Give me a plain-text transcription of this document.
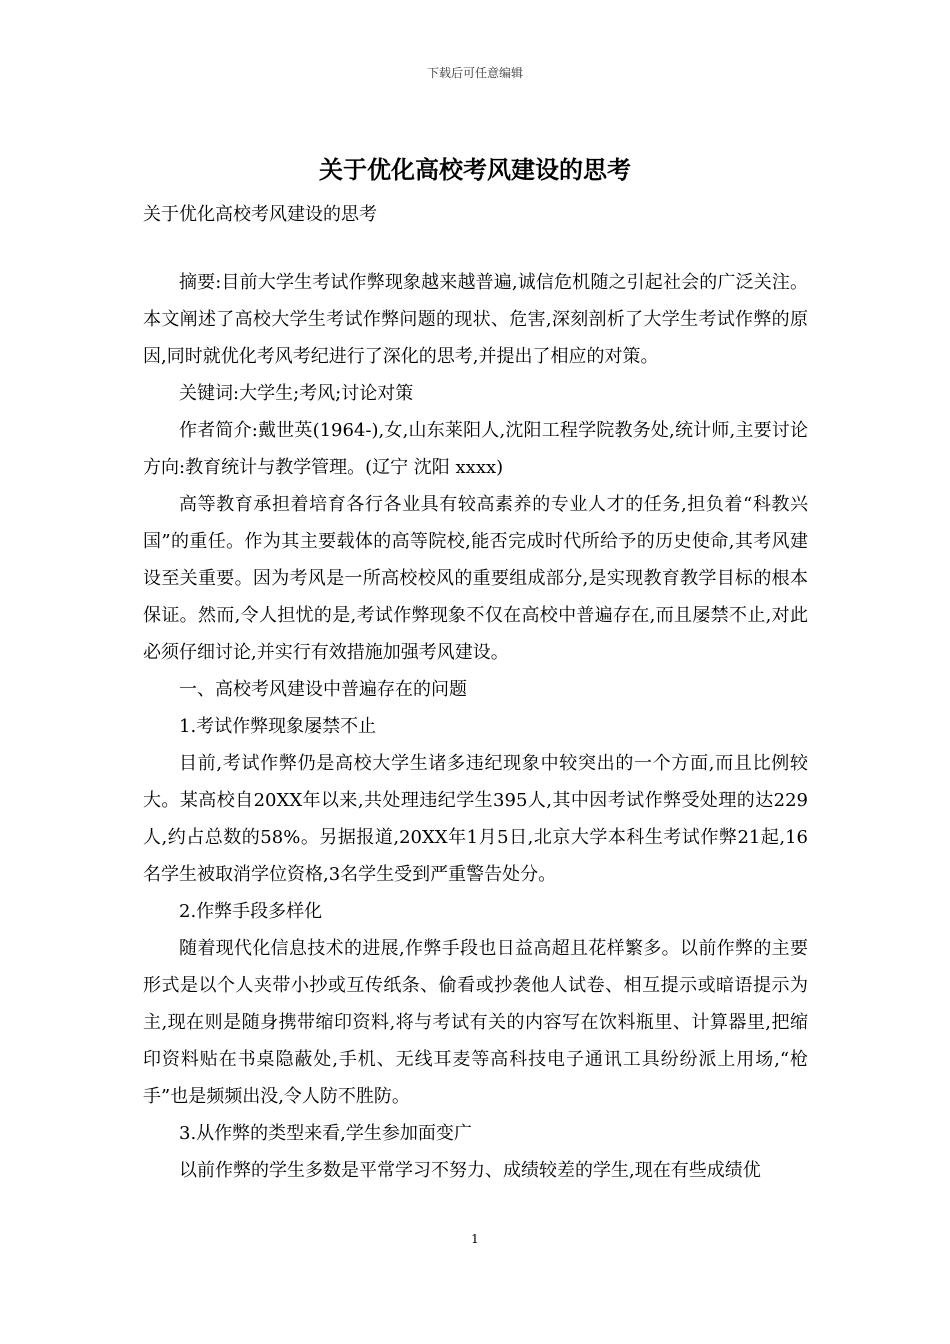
下载后可任意编辑
关于优化高校考风建设的思考
关于优化高校考风建设的思考

摘要:目前大学生考试作弊现象越来越普遍,诚信危机随之引起社会的广泛关注。本文阐述了高校大学生考试作弊问题的现状、危害,深刻剖析了大学生考试作弊的原因,同时就优化考风考纪进行了深化的思考,并提出了相应的对策。

关键词:大学生;考风;讨论对策

作者简介:戴世英(1964-),女,山东莱阳人,沈阳工程学院教务处,统计师,主要讨论方向:教育统计与教学管理。(辽宁 沈阳 xxxx)

高等教育承担着培育各行各业具有较高素养的专业人才的任务,担负着“科教兴国”的重任。作为其主要载体的高等院校,能否完成时代所给予的历史使命,其考风建设至关重要。因为考风是一所高校校风的重要组成部分,是实现教育教学目标的根本保证。然而,令人担忧的是,考试作弊现象不仅在高校中普遍存在,而且屡禁不止,对此必须仔细讨论,并实行有效措施加强考风建设。

一、高校考风建设中普遍存在的问题

1.考试作弊现象屡禁不止

目前,考试作弊仍是高校大学生诸多违纪现象中较突出的一个方面,而且比例较大。某高校自20XX年以来,共处理违纪学生395人,其中因考试作弊受处理的达229人,约占总数的58%。另据报道,20XX年1月5日,北京大学本科生考试作弊21起,16名学生被取消学位资格,3名学生受到严重警告处分。

2.作弊手段多样化

随着现代化信息技术的进展,作弊手段也日益高超且花样繁多。以前作弊的主要形式是以个人夹带小抄或互传纸条、偷看或抄袭他人试卷、相互提示或暗语提示为主,现在则是随身携带缩印资料,将与考试有关的内容写在饮料瓶里、计算器里,把缩印资料贴在书桌隐蔽处,手机、无线耳麦等高科技电子通讯工具纷纷派上用场,“枪手”也是频频出没,令人防不胜防。

3.从作弊的类型来看,学生参加面变广

以前作弊的学生多数是平常学习不努力、成绩较差的学生,现在有些成绩优

1
